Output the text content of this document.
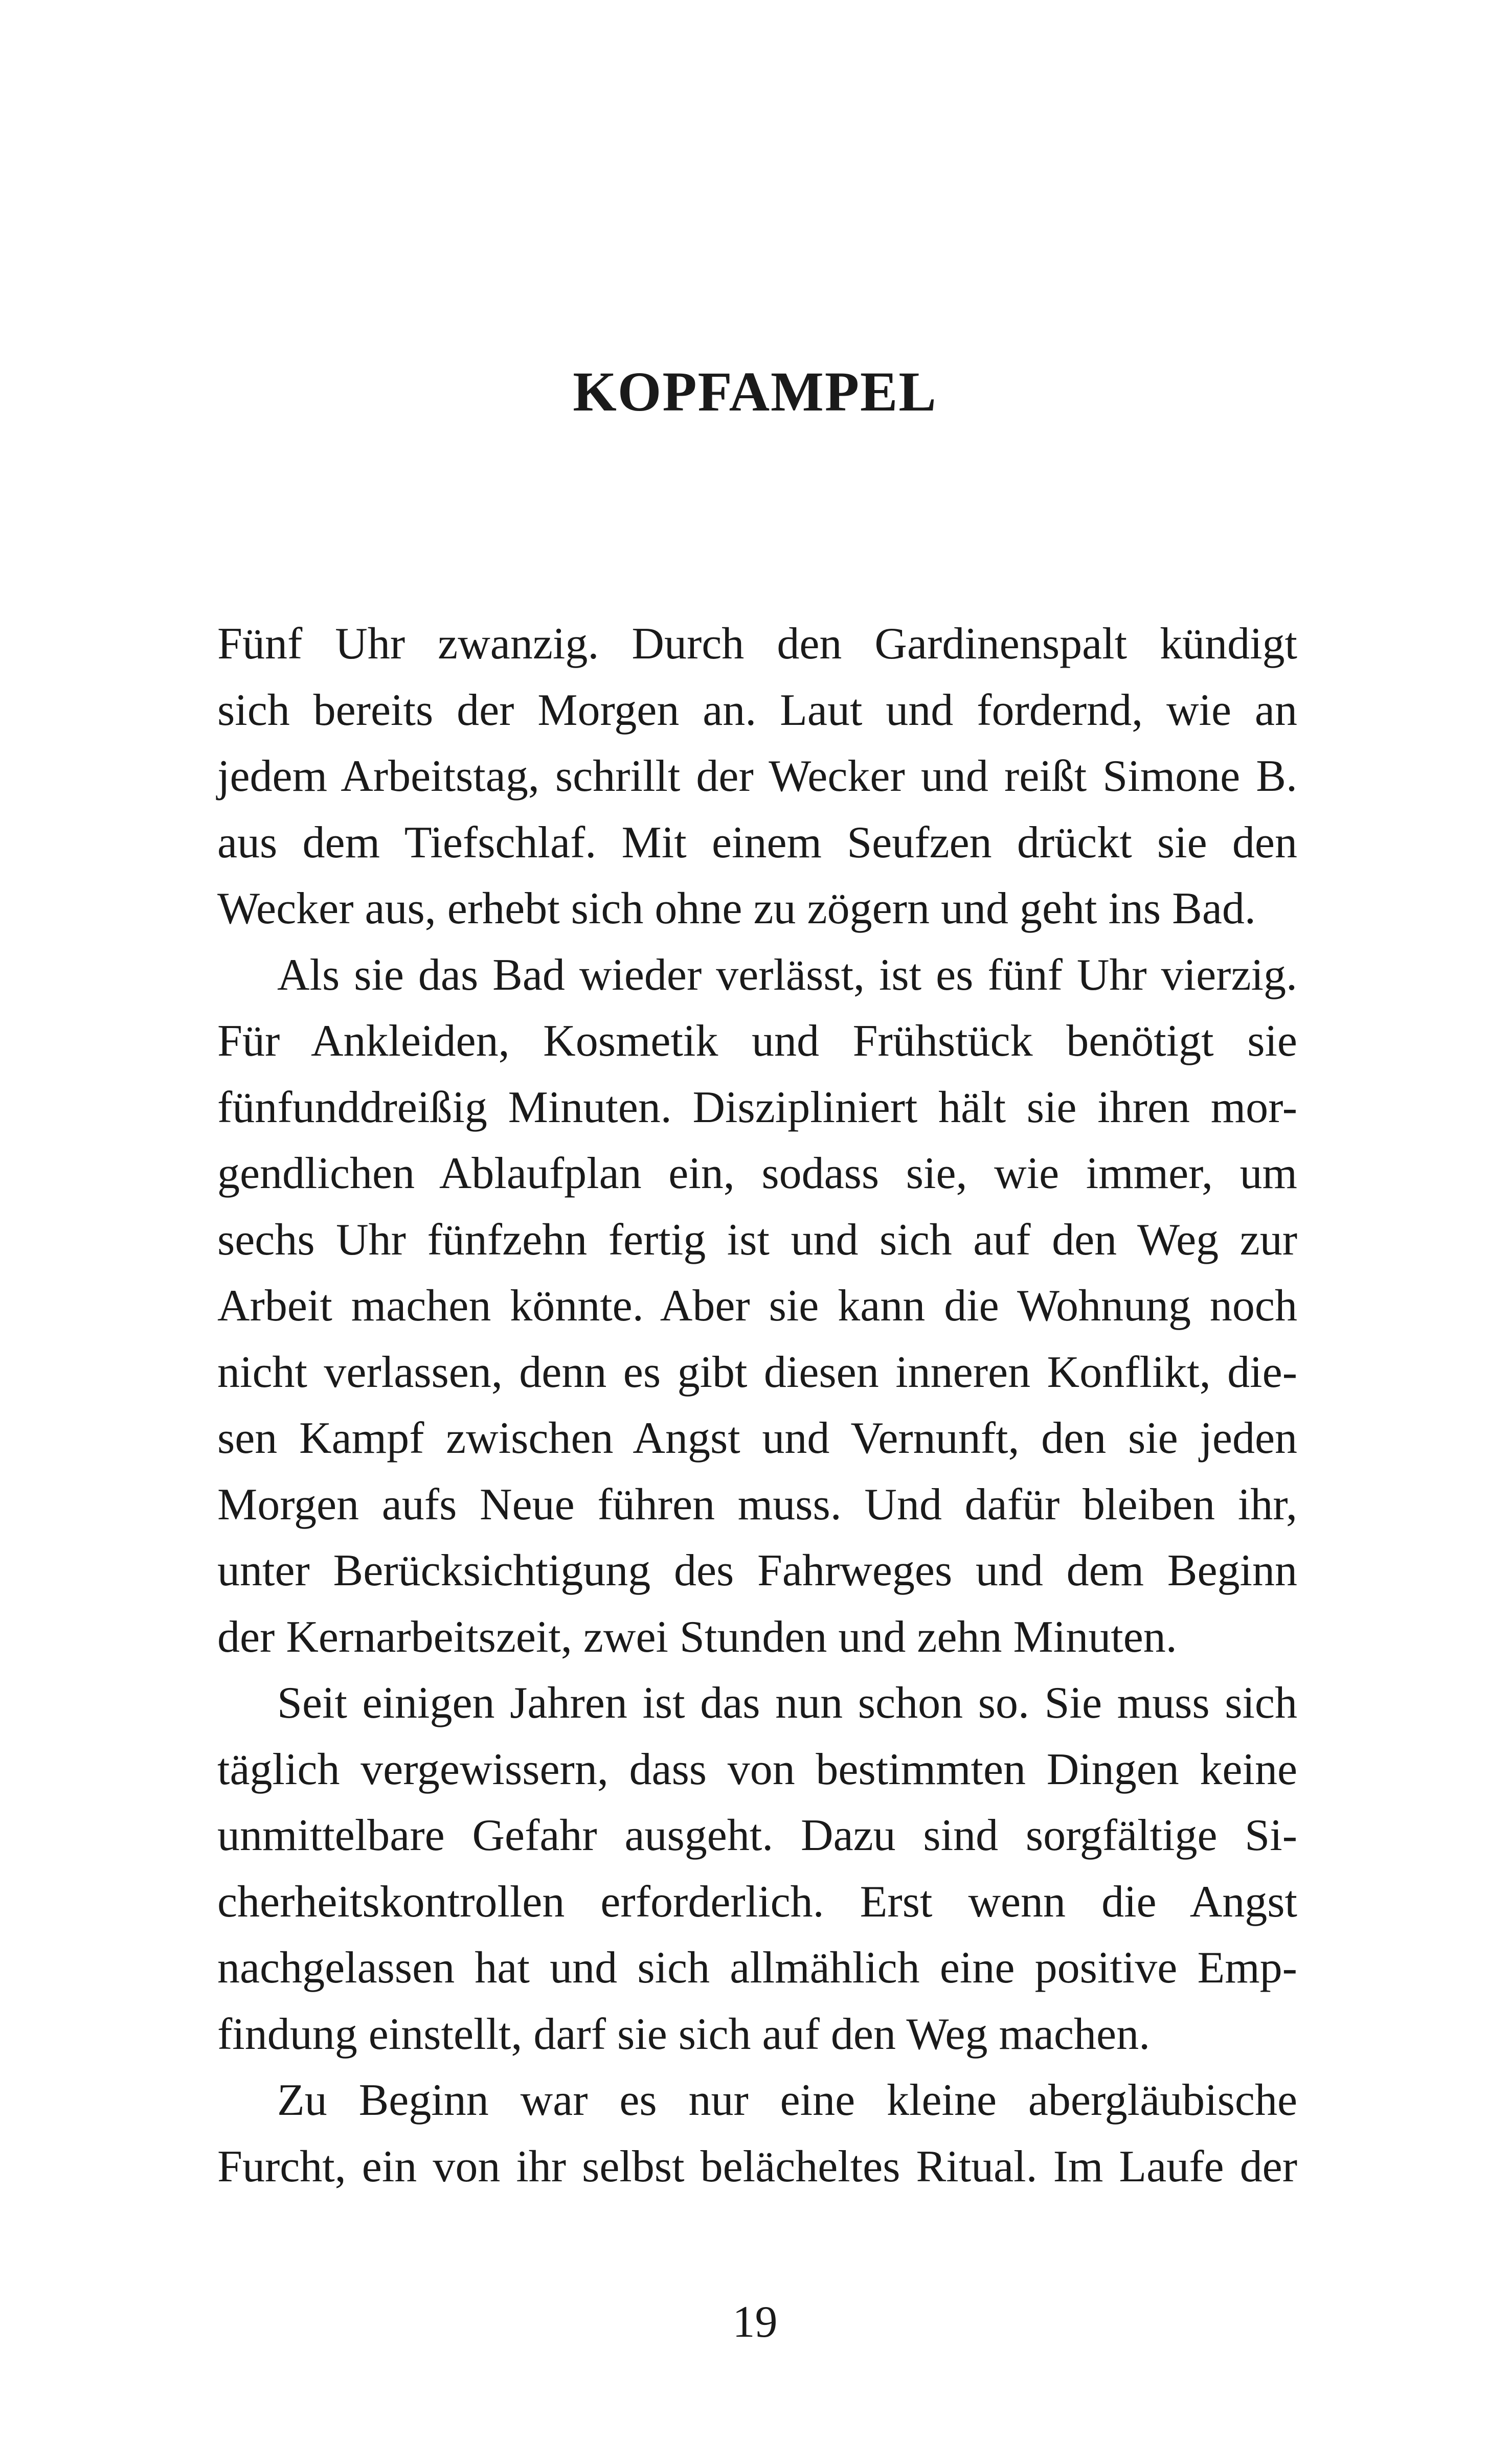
KOPFAMPEL

Fünf Uhr zwanzig. Durch den Gardinenspalt kündigt

sich bereits der Morgen an. Laut und fordernd, wie an

jedem Arbeitstag, schrillt der Wecker und reißt Simone B.

aus dem Tiefschlaf. Mit einem Seufzen drückt sie den

Wecker aus, erhebt sich ohne zu zögern und geht ins Bad.

Als sie das Bad wieder verlässt, ist es fünf Uhr vierzig.

Für Ankleiden, Kosmetik und Frühstück benötigt sie

fünfunddreißig Minuten. Diszipliniert hält sie ihren mor-

gendlichen Ablaufplan ein, sodass sie, wie immer, um

sechs Uhr fünfzehn fertig ist und sich auf den Weg zur

Arbeit machen könnte. Aber sie kann die Wohnung noch

nicht verlassen, denn es gibt diesen inneren Konflikt, die-

sen Kampf zwischen Angst und Vernunft, den sie jeden

Morgen aufs Neue führen muss. Und dafür bleiben ihr,

unter Berücksichtigung des Fahrweges und dem Beginn

der Kernarbeitszeit, zwei Stunden und zehn Minuten.

Seit einigen Jahren ist das nun schon so. Sie muss sich

täglich vergewissern, dass von bestimmten Dingen keine

unmittelbare Gefahr ausgeht. Dazu sind sorgfältige Si-

cherheitskontrollen erforderlich. Erst wenn die Angst

nachgelassen hat und sich allmählich eine positive Emp-

findung einstellt, darf sie sich auf den Weg machen.

Zu Beginn war es nur eine kleine abergläubische

Furcht, ein von ihr selbst belächeltes Ritual. Im Laufe der

19
